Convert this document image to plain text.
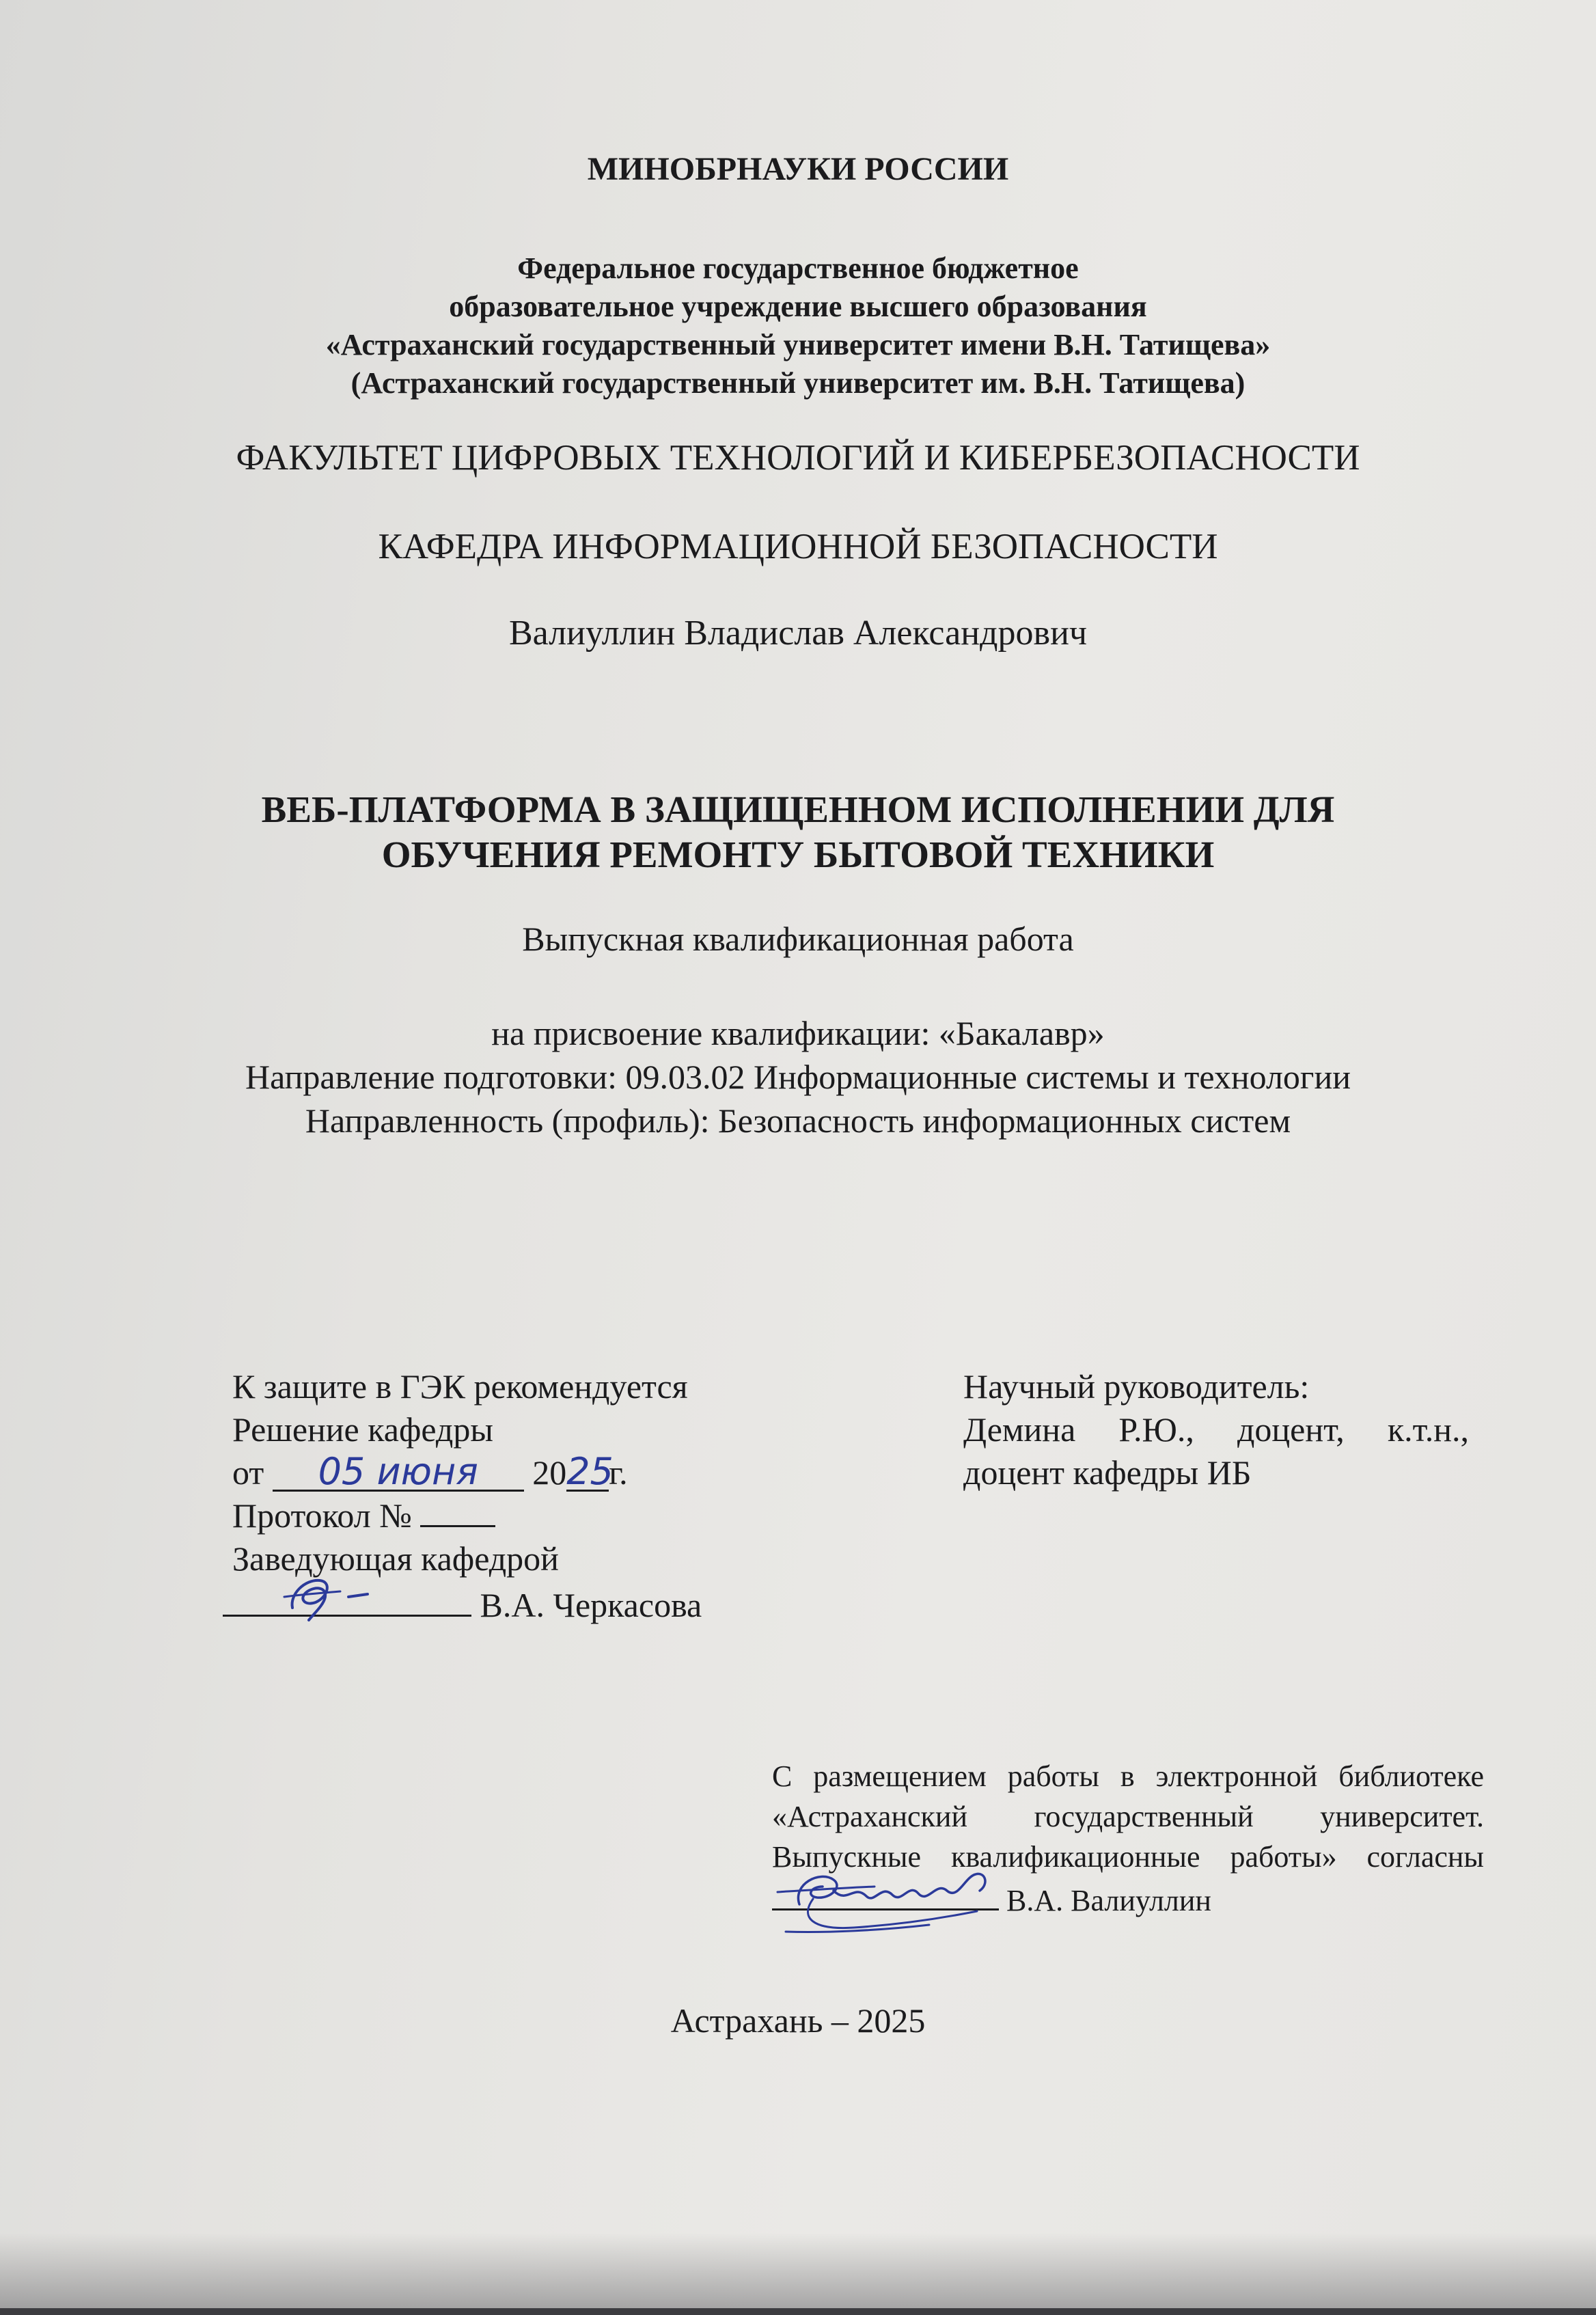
МИНОБРНАУКИ РОССИИ
Федеральное государственное бюджетное
образовательное учреждение высшего образования
«Астраханский государственный университет имени В.Н. Татищева»
(Астраханский государственный университет им. В.Н. Татищева)
ФАКУЛЬТЕТ ЦИФРОВЫХ ТЕХНОЛОГИЙ И КИБЕРБЕЗОПАСНОСТИ
КАФЕДРА ИНФОРМАЦИОННОЙ БЕЗОПАСНОСТИ
Валиуллин Владислав Александрович
ВЕБ-ПЛАТФОРМА В ЗАЩИЩЕННОМ ИСПОЛНЕНИИ ДЛЯ
ОБУЧЕНИЯ РЕМОНТУ БЫТОВОЙ ТЕХНИКИ
Выпускная квалификационная работа
на присвоение квалификации: «Бакалавр»
Направление подготовки: 09.03.02 Информационные системы и технологии
Направленность (профиль): Безопасность информационных систем
К защите в ГЭК рекомендуется
Решение кафедры
от 05 июня 2025г.
Протокол №
Заведующая кафедрой
В.А. Черкасова
Научный руководитель:
Демина Р.Ю., доцент, к.т.н.,
доцент кафедры ИБ
С размещением работы в электронной библиотеке
«Астраханский государственный университет.
Выпускные квалификационные работы» согласны
В.А. Валиуллин
Астрахань – 2025
